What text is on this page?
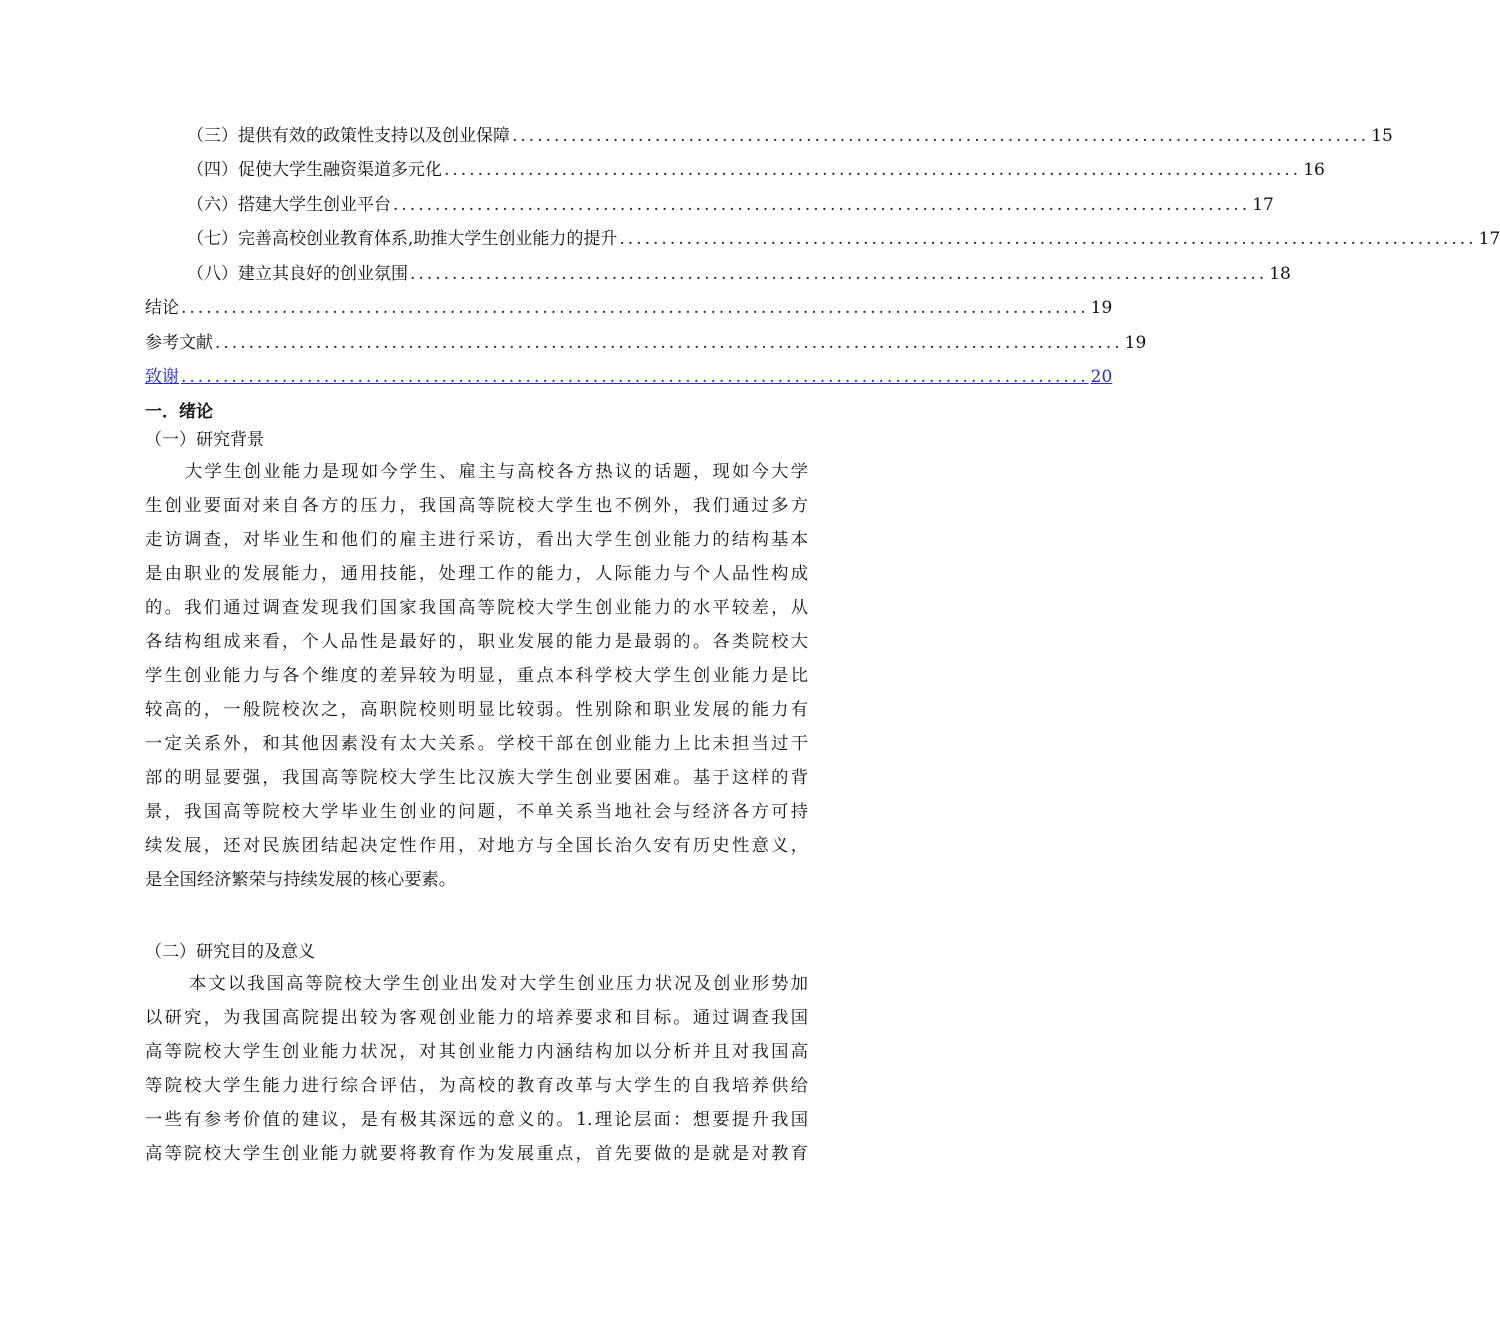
（三）提供有效的政策性支持以及创业保障 ...................................................................................................... 15
（四）促使大学生融资渠道多元化 ...................................................................................................... 16
（六）搭建大学生创业平台 ...................................................................................................... 17
（七）完善高校创业教育体系,助推大学生创业能力的提升 ...................................................................................................... 17
（八）建立其良好的创业氛围 ...................................................................................................... 18
结论 ............................................................................................................ 19
参考文献 ............................................................................................................ 19
致谢 ............................................................................................................ 20
一．绪论
（一）研究背景
大学生创业能力是现如今学生、雇主与高校各方热议的话题，现如今大学
生创业要面对来自各方的压力，我国高等院校大学生也不例外，我们通过多方
走访调查，对毕业生和他们的雇主进行采访，看出大学生创业能力的结构基本
是由职业的发展能力，通用技能，处理工作的能力，人际能力与个人品性构成
的。我们通过调查发现我们国家我国高等院校大学生创业能力的水平较差，从
各结构组成来看，个人品性是最好的，职业发展的能力是最弱的。各类院校大
学生创业能力与各个维度的差异较为明显，重点本科学校大学生创业能力是比
较高的，一般院校次之，高职院校则明显比较弱。性别除和职业发展的能力有
一定关系外，和其他因素没有太大关系。学校干部在创业能力上比未担当过干
部的明显要强，我国高等院校大学生比汉族大学生创业要困难。基于这样的背
景，我国高等院校大学毕业生创业的问题，不单关系当地社会与经济各方可持
续发展，还对民族团结起决定性作用，对地方与全国长治久安有历史性意义，
是全国经济繁荣与持续发展的核心要素。
（二）研究目的及意义
本文以我国高等院校大学生创业出发对大学生创业压力状况及创业形势加
以研究，为我国高院提出较为客观创业能力的培养要求和目标。通过调查我国
高等院校大学生创业能力状况，对其创业能力内涵结构加以分析并且对我国高
等院校大学生能力进行综合评估，为高校的教育改革与大学生的自我培养供给
一些有参考价值的建议，是有极其深远的意义的。1.理论层面：想要提升我国
高等院校大学生创业能力就要将教育作为发展重点，首先要做的是就是对教育
